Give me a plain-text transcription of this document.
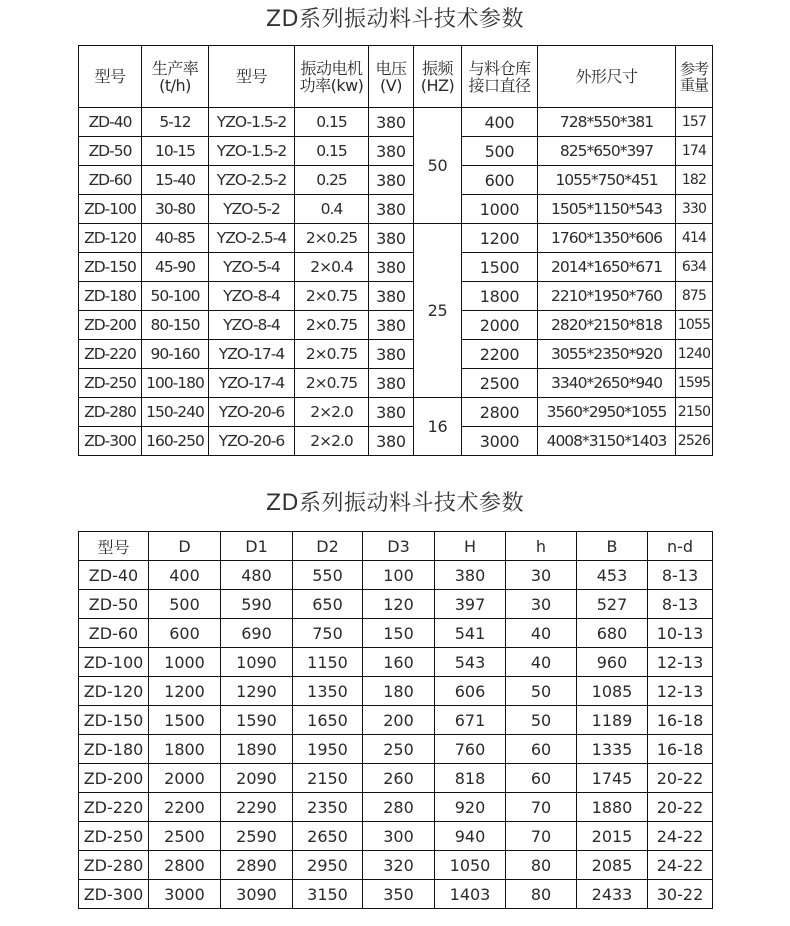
ZD系列振动料斗技术参数
型号	生产率(t/h)	型号	振动电机功率(kw)	电压(V)	振频(HZ)	与料仓库接口直径	外形尺寸	参考重量
ZD-40	5-12	YZO-1.5-2	0.15	380	50	400	728*550*381	157
ZD-50	10-15	YZO-1.5-2	0.15	380		500	825*650*397	174
ZD-60	15-40	YZO-2.5-2	0.25	380		600	1055*750*451	182
ZD-100	30-80	YZO-5-2	0.4	380		1000	1505*1150*543	330
ZD-120	40-85	YZO-2.5-4	2×0.25	380	25	1200	1760*1350*606	414
ZD-150	45-90	YZO-5-4	2×0.4	380		1500	2014*1650*671	634
ZD-180	50-100	YZO-8-4	2×0.75	380		1800	2210*1950*760	875
ZD-200	80-150	YZO-8-4	2×0.75	380		2000	2820*2150*818	1055
ZD-220	90-160	YZO-17-4	2×0.75	380		2200	3055*2350*920	1240
ZD-250	100-180	YZO-17-4	2×0.75	380		2500	3340*2650*940	1595
ZD-280	150-240	YZO-20-6	2×2.0	380	16	2800	3560*2950*1055	2150
ZD-300	160-250	YZO-20-6	2×2.0	380		3000	4008*3150*1403	2526
ZD系列振动料斗技术参数
型号	D	D1	D2	D3	H	h	B	n-d
ZD-40	400	480	550	100	380	30	453	8-13
ZD-50	500	590	650	120	397	30	527	8-13
ZD-60	600	690	750	150	541	40	680	10-13
ZD-100	1000	1090	1150	160	543	40	960	12-13
ZD-120	1200	1290	1350	180	606	50	1085	12-13
ZD-150	1500	1590	1650	200	671	50	1189	16-18
ZD-180	1800	1890	1950	250	760	60	1335	16-18
ZD-200	2000	2090	2150	260	818	60	1745	20-22
ZD-220	2200	2290	2350	280	920	70	1880	20-22
ZD-250	2500	2590	2650	300	940	70	2015	24-22
ZD-280	2800	2890	2950	320	1050	80	2085	24-22
ZD-300	3000	3090	3150	350	1403	80	2433	30-22
